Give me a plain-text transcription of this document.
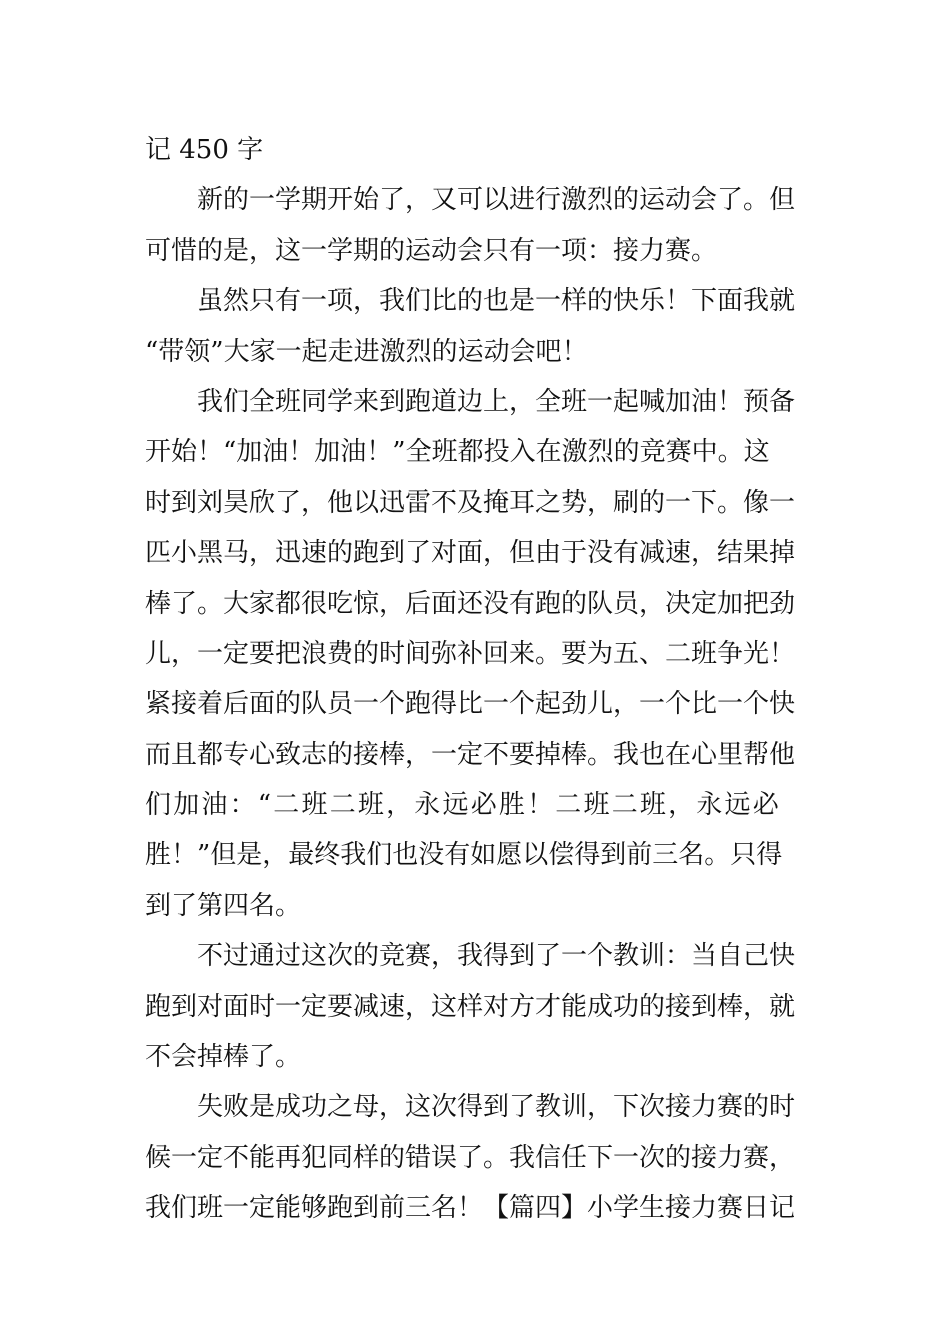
记 450 字
新的一学期开始了，又可以进行激烈的运动会了。但
可惜的是，这一学期的运动会只有一项：接力赛。
虽然只有一项，我们比的也是一样的快乐！下面我就
“带领”大家一起走进激烈的运动会吧！
我们全班同学来到跑道边上，全班一起喊加油！预备
开始！“加油！加油！”全班都投入在激烈的竞赛中。这
时到刘昊欣了，他以迅雷不及掩耳之势，刷的一下。像一
匹小黑马，迅速的跑到了对面，但由于没有减速，结果掉
棒了。大家都很吃惊，后面还没有跑的队员，决定加把劲
儿，一定要把浪费的时间弥补回来。要为五、二班争光！
紧接着后面的队员一个跑得比一个起劲儿，一个比一个快
而且都专心致志的接棒，一定不要掉棒。我也在心里帮他
们加油：“二班二班，永远必胜！二班二班，永远必
胜！”但是，最终我们也没有如愿以偿得到前三名。只得
到了第四名。
不过通过这次的竞赛，我得到了一个教训：当自己快
跑到对面时一定要减速，这样对方才能成功的接到棒，就
不会掉棒了。
失败是成功之母，这次得到了教训，下次接力赛的时
候一定不能再犯同样的错误了。我信任下一次的接力赛，
我们班一定能够跑到前三名！【篇四】小学生接力赛日记
